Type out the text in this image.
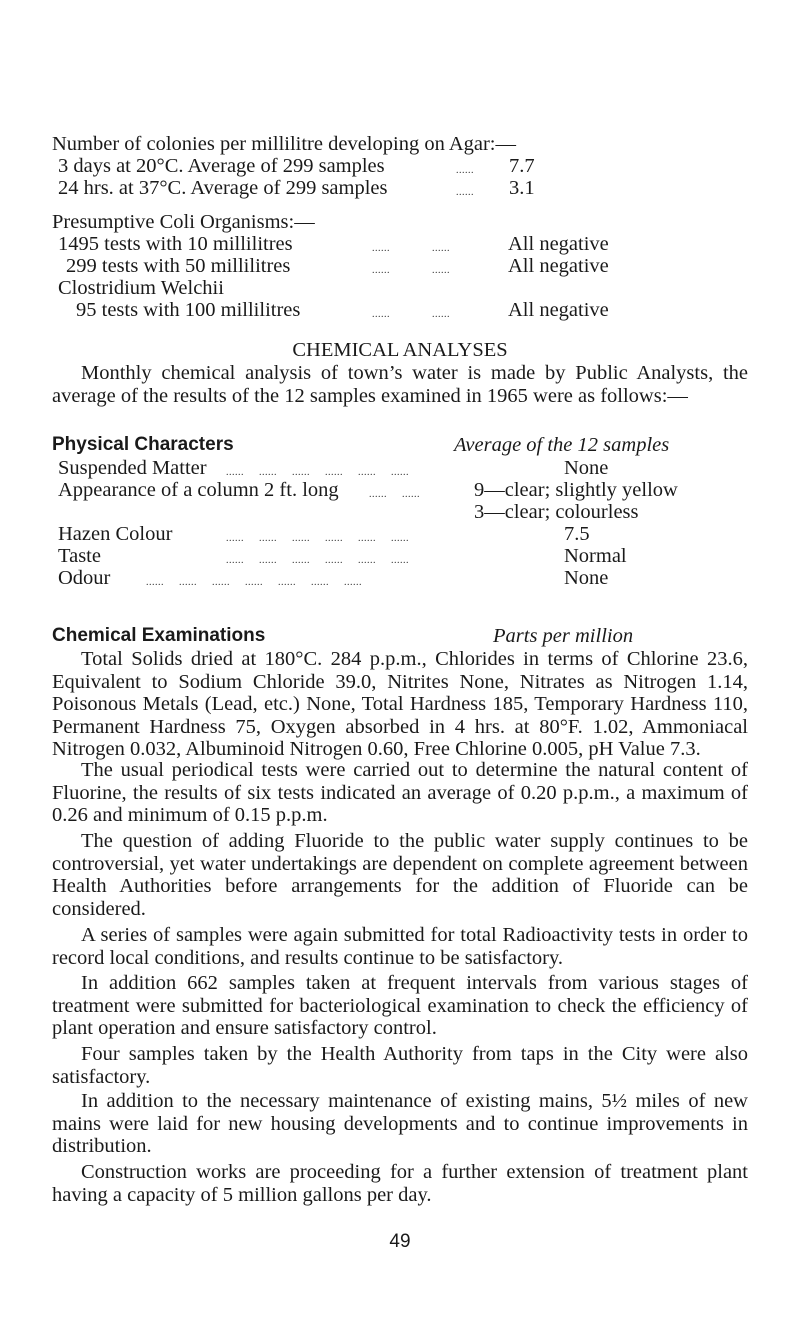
Number of colonies per millilitre developing on Agar:—
3 days at 20°C. Average of 299 samples	...... 7.7
24 hrs. at 37°C. Average of 299 samples	...... 3.1
Presumptive Coli Organisms:—
1495 tests with 10 millilitres	......	......	All negative
299 tests with 50 millilitres	......	......	All negative
Clostridium Welchii
95 tests with 100 millilitres	......	......	All negative
CHEMICAL ANALYSES
Monthly chemical analysis of town’s water is made by Public Analysts, the average of the results of the 12 samples examined in 1965 were as follows:—
Physical Characters	Average of the 12 samples
Suspended Matter ......     ......     ......     ......     ......     ......	None
Appearance of a column 2 ft. long	......     ......	9—clear; slightly yellow
3—clear; colourless
Hazen Colour	......     ......     ......     ......     ......     ......	7.5
Taste	......     ......     ......     ......     ......     ......	Normal
Odour	......     ......     ......     ......     ......     ......     ......	None
Chemical Examinations	Parts per million
Total Solids dried at 180°C. 284 p.p.m., Chlorides in terms of Chlorine 23.6, Equivalent to Sodium Chloride 39.0, Nitrites None, Nitrates as Nitrogen 1.14, Poisonous Metals (Lead, etc.) None, Total Hardness 185, Temporary Hardness 110, Permanent Hardness 75, Oxygen absorbed in 4 hrs. at 80°F. 1.02, Ammoniacal Nitrogen 0.032, Albuminoid Nitrogen 0.60, Free Chlorine 0.005, pH Value 7.3.
The usual periodical tests were carried out to determine the natural content of Fluorine, the results of six tests indicated an average of 0.20 p.p.m., a maximum of 0.26 and minimum of 0.15 p.p.m.
The question of adding Fluoride to the public water supply continues to be controversial, yet water undertakings are dependent on complete agreement between Health Authorities before arrangements for the addition of Fluoride can be considered.
A series of samples were again submitted for total Radioactivity tests in order to record local conditions, and results continue to be satisfactory.
In addition 662 samples taken at frequent intervals from various stages of treatment were submitted for bacteriological examination to check the efficiency of plant operation and ensure satisfactory control.
Four samples taken by the Health Authority from taps in the City were also satisfactory.
In addition to the necessary maintenance of existing mains, 5½ miles of new mains were laid for new housing developments and to continue improvements in distribution.
Construction works are proceeding for a further extension of treatment plant having a capacity of 5 million gallons per day.
49
